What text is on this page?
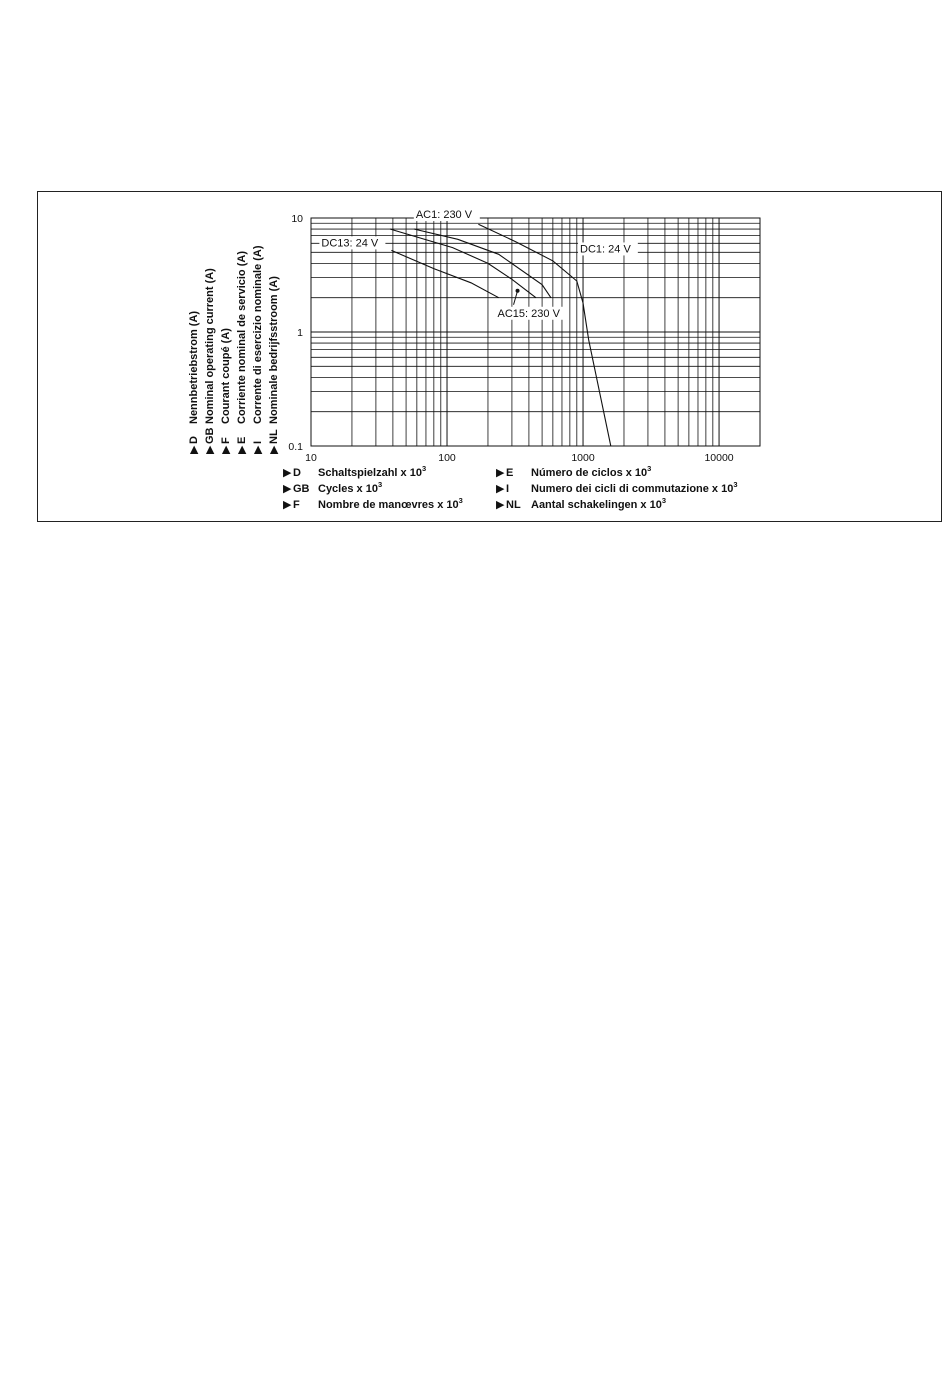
▶
D
Nennbetriebstrom (A)
▶
GB
Nominal operating current (A)
▶
F
Courant coupé (A)
▶
E
Corriente nominal de servicio (A)
▶
I
Corrente di esercizio nominale (A)
▶
NL
Nominale bedrijfsstroom (A)
10	100	1000	10000
10
1
0.1
AC1: 230 V
DC1: 24 V
DC13: 24 V
AC15: 230 V
▶ D Schaltspielzahl x $10^3$
▶ GB Cycles x $10^3$
▶ F Nombre de manœvres x $10^3$
▶ E Número de ciclos x $10^3$
▶ I Numero dei cicli di commutazione x $10^3$
▶ NL Aantal schakelingen x $10^3$
